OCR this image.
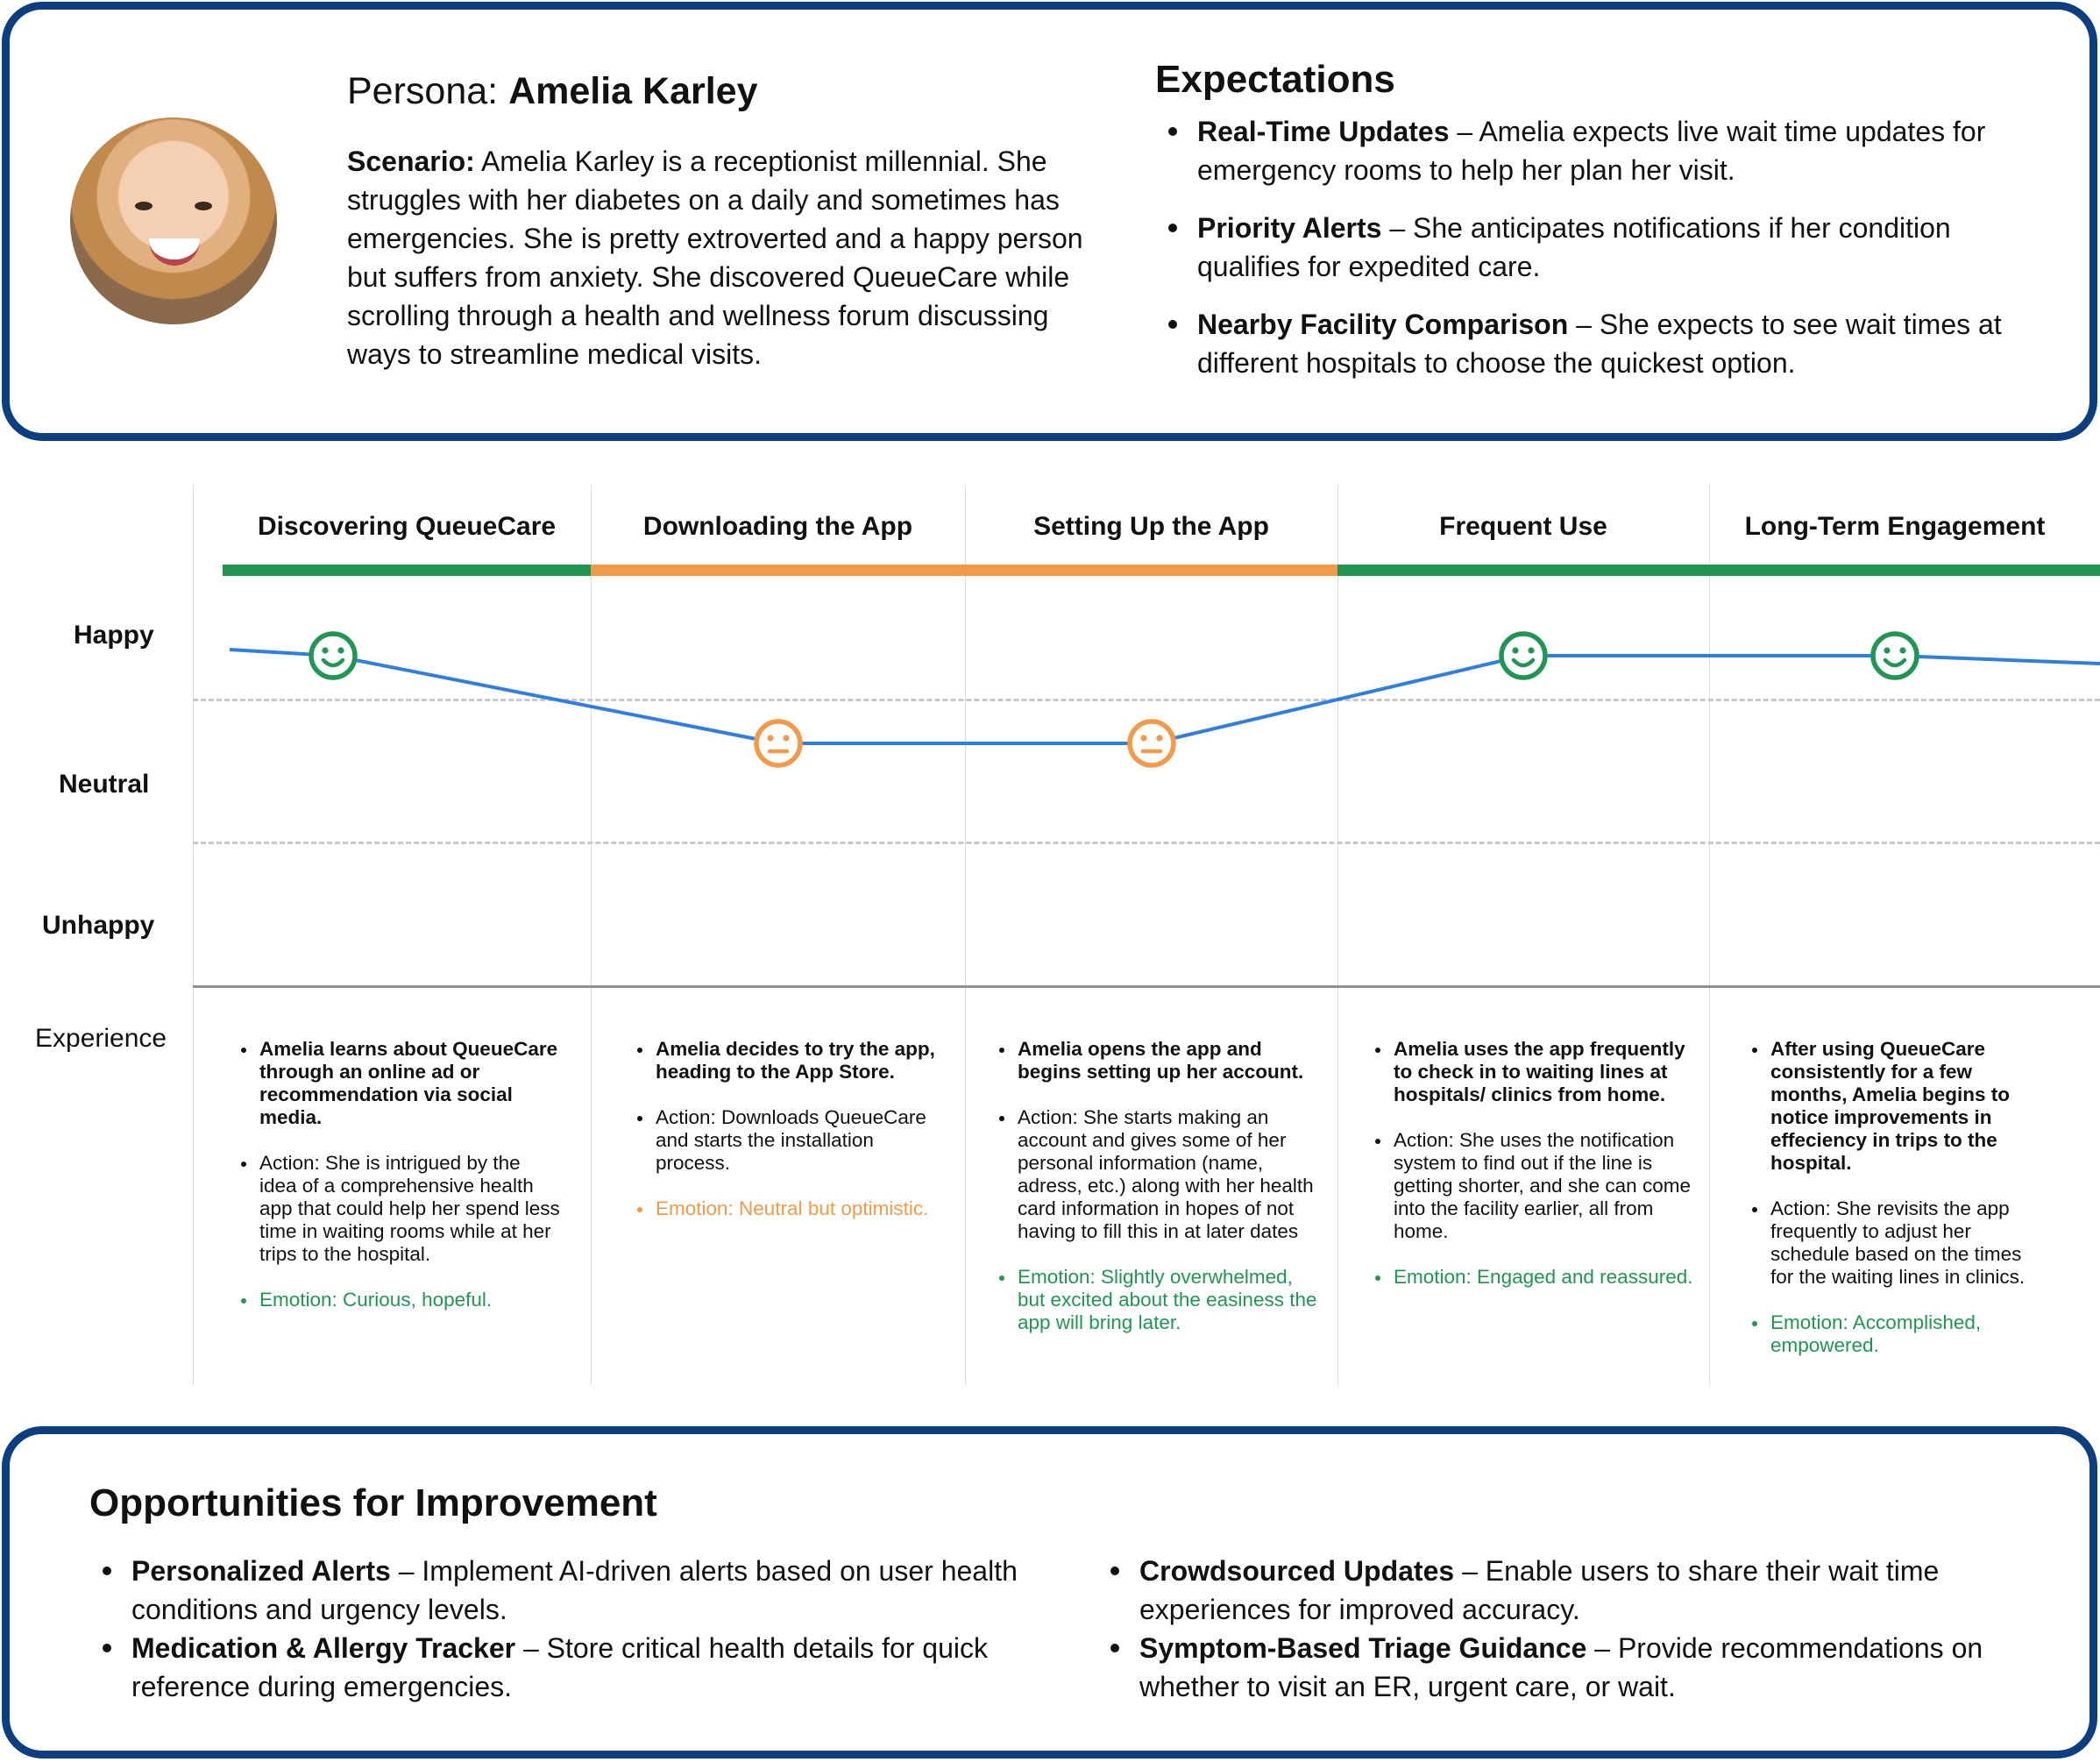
Persona: Amelia Karley
Scenario: Amelia Karley is a receptionist millennial. She struggles with her diabetes on a daily and sometimes has emergencies. She is pretty extroverted and a happy person but suffers from anxiety. She discovered QueueCare while scrolling through a health and wellness forum discussing ways to streamline medical visits.
Expectations
Real-Time Updates – Amelia expects live wait time updates for emergency rooms to help her plan her visit.
Priority Alerts – She anticipates notifications if her condition qualifies for expedited care.
Nearby Facility Comparison – She expects to see wait times at different hospitals to choose the quickest option.
Happy
Neutral
Unhappy
Experience
Discovering QueueCare	Downloading the App	Setting Up the App	Frequent Use	Long-Term Engagement
Amelia learns about QueueCare through an online ad or recommendation via social media.
Action: She is intrigued by the idea of a comprehensive health app that could help her spend less time in waiting rooms while at her trips to the hospital.
Emotion: Curious, hopeful.
Amelia decides to try the app, heading to the App Store.
Action: Downloads QueueCare and starts the installation process.
Emotion: Neutral but optimistic.
Amelia opens the app and begins setting up her account.
Action: She starts making an account and gives some of her personal information (name, adress, etc.) along with her health card information in hopes of not having to fill this in at later dates
Emotion: Slightly overwhelmed, but excited about the easiness the app will bring later.
Amelia uses the app frequently to check in to waiting lines at hospitals/ clinics from home.
Action: She uses the notification system to find out if the line is getting shorter, and she can come into the facility earlier, all from home.
Emotion: Engaged and reassured.
After using QueueCare consistently for a few months, Amelia begins to notice improvements in effeciency in trips to the hospital.
Action: She revisits the app frequently to adjust her schedule based on the times for the waiting lines in clinics.
Emotion: Accomplished, empowered.
Opportunities for Improvement
Personalized Alerts – Implement AI-driven alerts based on user health conditions and urgency levels.
Medication & Allergy Tracker – Store critical health details for quick reference during emergencies.
Crowdsourced Updates – Enable users to share their wait time experiences for improved accuracy.
Symptom-Based Triage Guidance – Provide recommendations on whether to visit an ER, urgent care, or wait.
